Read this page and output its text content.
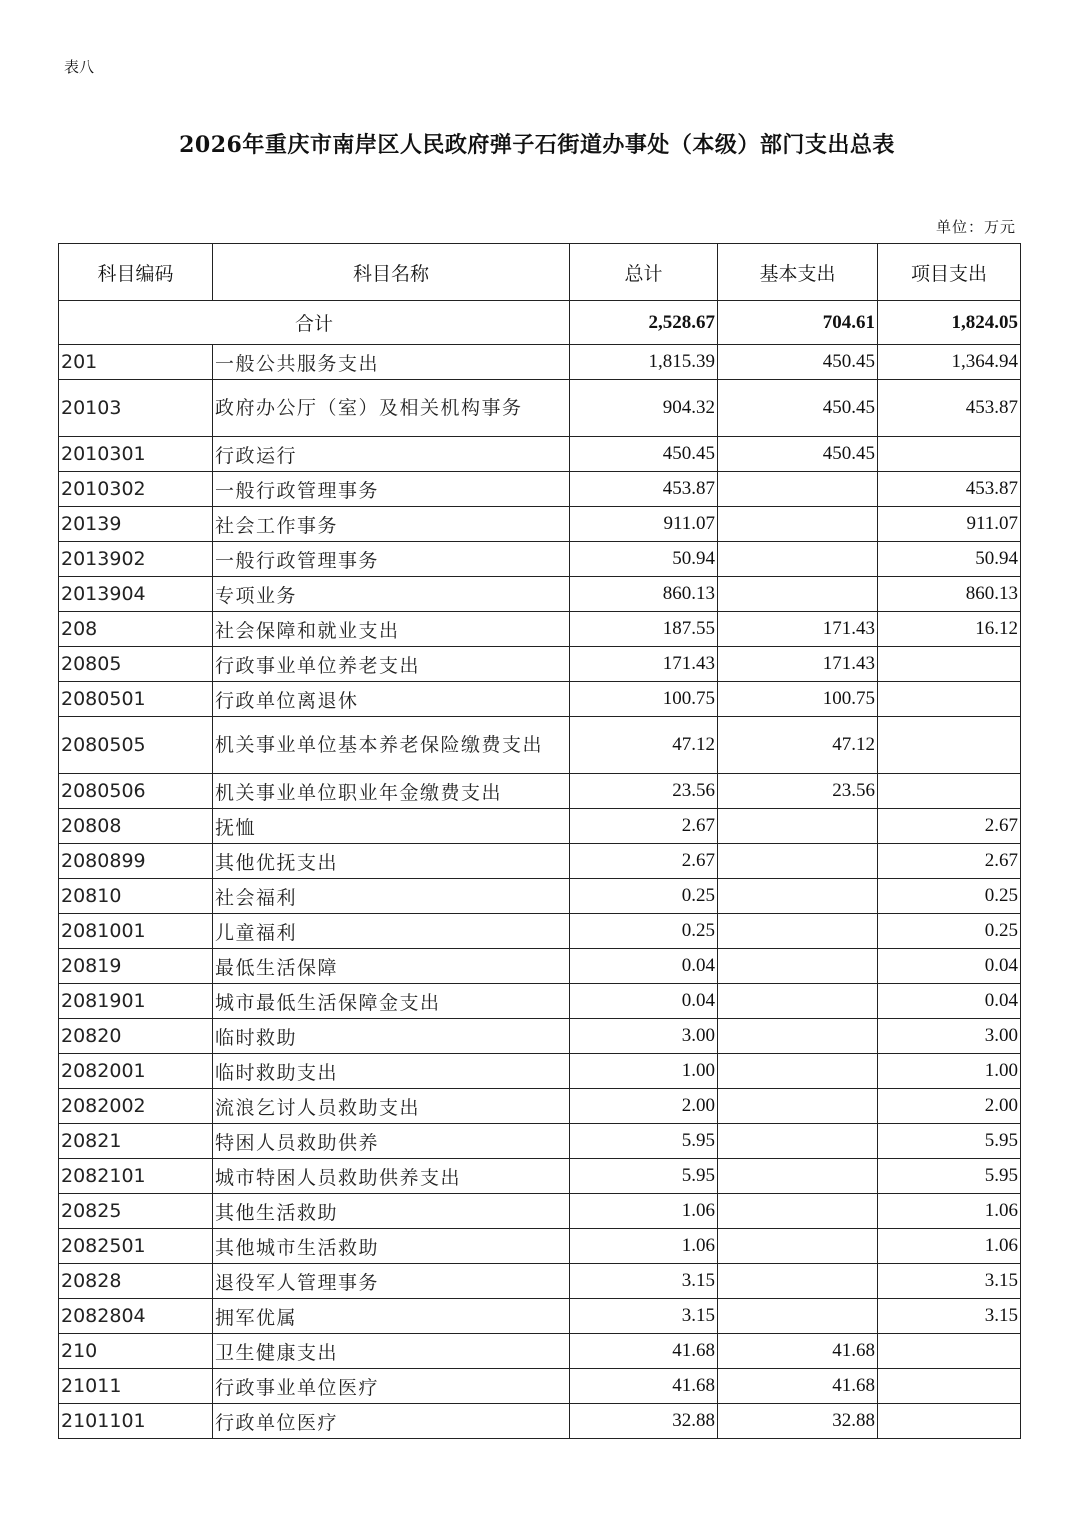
表八
2026年重庆市南岸区人民政府弹子石街道办事处（本级）部门支出总表
单位：万元
科目编码	科目名称	总计	基本支出	项目支出
合计		2,528.67	704.61	1,824.05
201	一般公共服务支出	1,815.39	450.45	1,364.94
20103	政府办公厅（室）及相关机构事务	904.32	450.45	453.87
2010301	行政运行	450.45	450.45	
2010302	一般行政管理事务	453.87		453.87
20139	社会工作事务	911.07		911.07
2013902	一般行政管理事务	50.94		50.94
2013904	专项业务	860.13		860.13
208	社会保障和就业支出	187.55	171.43	16.12
20805	行政事业单位养老支出	171.43	171.43	
2080501	行政单位离退休	100.75	100.75	
2080505	机关事业单位基本养老保险缴费支出	47.12	47.12	
2080506	机关事业单位职业年金缴费支出	23.56	23.56	
20808	抚恤	2.67		2.67
2080899	其他优抚支出	2.67		2.67
20810	社会福利	0.25		0.25
2081001	儿童福利	0.25		0.25
20819	最低生活保障	0.04		0.04
2081901	城市最低生活保障金支出	0.04		0.04
20820	临时救助	3.00		3.00
2082001	临时救助支出	1.00		1.00
2082002	流浪乞讨人员救助支出	2.00		2.00
20821	特困人员救助供养	5.95		5.95
2082101	城市特困人员救助供养支出	5.95		5.95
20825	其他生活救助	1.06		1.06
2082501	其他城市生活救助	1.06		1.06
20828	退役军人管理事务	3.15		3.15
2082804	拥军优属	3.15		3.15
210	卫生健康支出	41.68	41.68	
21011	行政事业单位医疗	41.68	41.68	
2101101	行政单位医疗	32.88	32.88	
